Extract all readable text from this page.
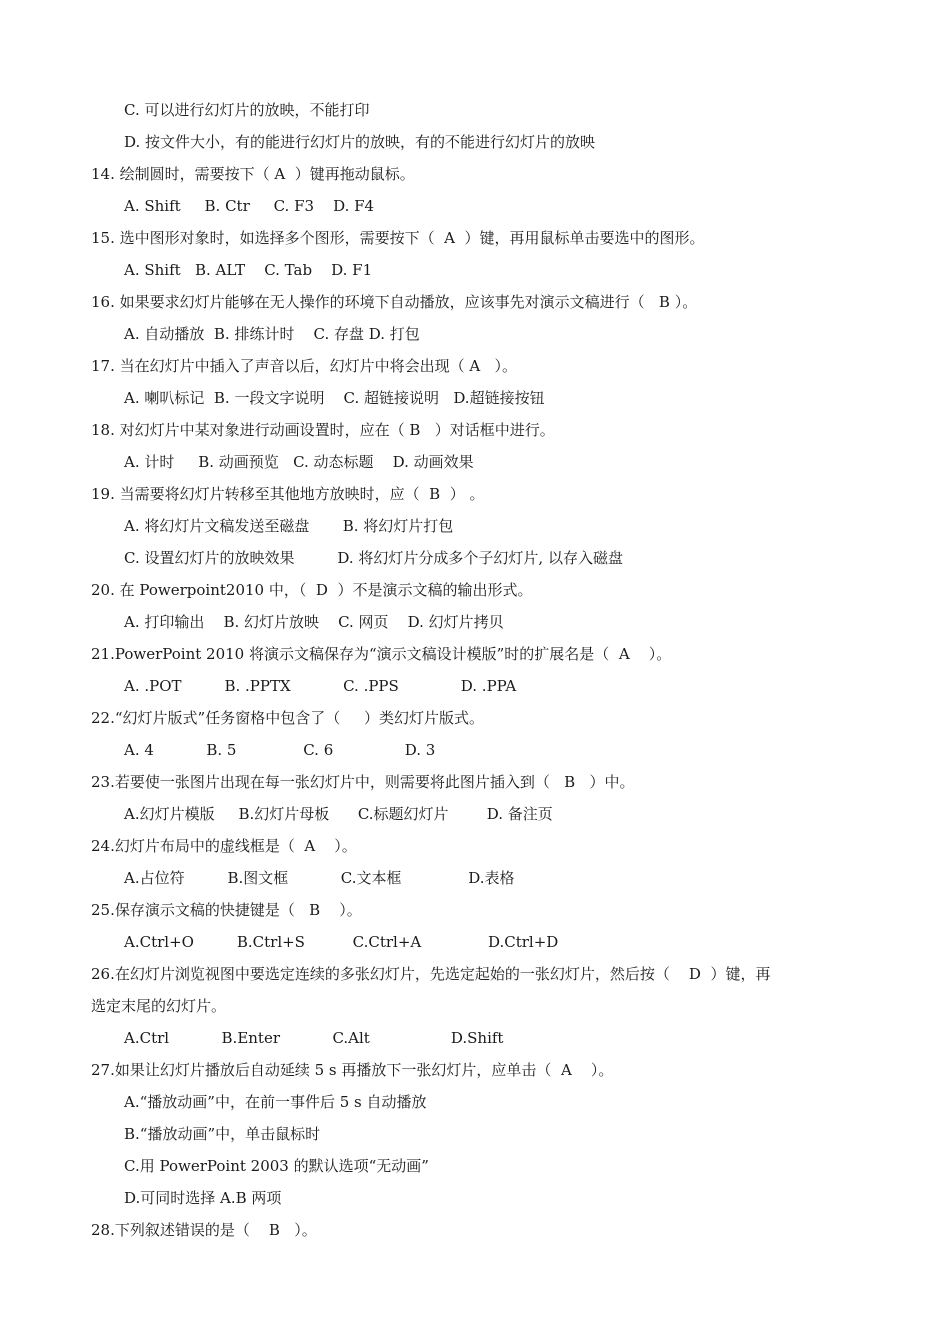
C. 可以进行幻灯片的放映，不能打印
D. 按文件大小，有的能进行幻灯片的放映，有的不能进行幻灯片的放映
14. 绘制圆时，需要按下（ A  ）键再拖动鼠标。
A. Shift     B. Ctr     C. F3    D. F4
15. 选中图形对象时，如选择多个图形，需要按下（  A  ）键，再用鼠标单击要选中的图形。
A. Shift   B. ALT    C. Tab    D. F1
16. 如果要求幻灯片能够在无人操作的环境下自动播放，应该事先对演示文稿进行（   B ）。
A. 自动播放  B. 排练计时    C. 存盘 D. 打包
17. 当在幻灯片中插入了声音以后，幻灯片中将会出现（ A   ）。
A. 喇叭标记  B. 一段文字说明    C. 超链接说明   D.超链接按钮
18. 对幻灯片中某对象进行动画设置时，应在（ B   ）对话框中进行。
A. 计时     B. 动画预览   C. 动态标题    D. 动画效果
19. 当需要将幻灯片转移至其他地方放映时，应（  B  ） 。
A. 将幻灯片文稿发送至磁盘       B. 将幻灯片打包
C. 设置幻灯片的放映效果         D. 将幻灯片分成多个子幻灯片, 以存入磁盘
20. 在 Powerpoint2010 中，（  D  ）不是演示文稿的输出形式。
A. 打印输出    B. 幻灯片放映    C. 网页    D. 幻灯片拷贝
21.PowerPoint 2010 将演示文稿保存为“演示文稿设计模版”时的扩展名是（  A    ）。
A. .POT         B. .PPTX           C. .PPS             D. .PPA
22.“幻灯片版式”任务窗格中包含了（     ）类幻灯片版式。
A. 4           B. 5              C. 6               D. 3
23.若要使一张图片出现在每一张幻灯片中，则需要将此图片插入到（   B   ）中。
A.幻灯片模版     B.幻灯片母板      C.标题幻灯片        D. 备注页
24.幻灯片布局中的虚线框是（  A    ）。
A.占位符         B.图文框           C.文本框              D.表格
25.保存演示文稿的快捷键是（   B    ）。
A.Ctrl+O         B.Ctrl+S          C.Ctrl+A              D.Ctrl+D
26.在幻灯片浏览视图中要选定连续的多张幻灯片，先选定起始的一张幻灯片，然后按（    D  ）键，再
选定末尾的幻灯片。
A.Ctrl           B.Enter           C.Alt                 D.Shift
27.如果让幻灯片播放后自动延续 5 s 再播放下一张幻灯片，应单击（  A    ）。
A.“播放动画”中，在前一事件后 5 s 自动播放
B.“播放动画”中，单击鼠标时
C.用 PowerPoint 2003 的默认选项“无动画”
D.可同时选择 A.B 两项
28.下列叙述错误的是（    B   ）。
